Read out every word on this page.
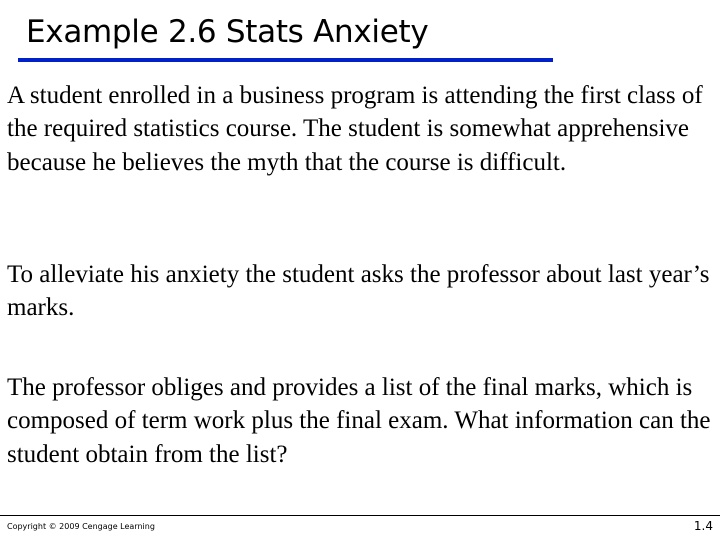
Example 2.6 Stats Anxiety

A student enrolled in a business program is attending the first class of the required statistics course. The student is somewhat apprehensive because he believes the myth that the course is difficult.

To alleviate his anxiety the student asks the professor about last year’s marks.

The professor obliges and provides a list of the final marks, which is composed of term work plus the final exam. What information can the student obtain from the list?

Copyright © 2009 Cengage Learning	1.4
